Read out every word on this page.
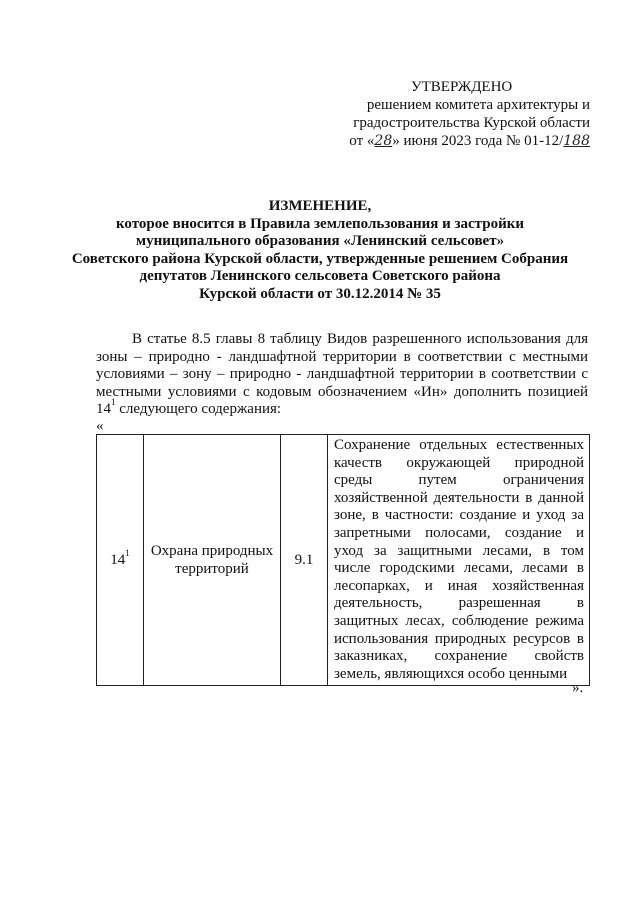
УТВЕРЖДЕНО
решением комитета архитектуры и
градостроительства Курской области
от «28» июня 2023 года № 01-12/188
ИЗМЕНЕНИЕ,
которое вносится в Правила землепользования и застройки
муниципального образования «Ленинский сельсовет»
Советского района Курской области, утвержденные решением Собрания
депутатов Ленинского сельсовета Советского района
Курской области от 30.12.2014 № 35
В статье 8.5 главы 8 таблицу Видов разрешенного использования для зоны – природно - ландшафтной территории в соответствии с местными условиями – зону – природно - ландшафтной территории в соответствии с местными условиями с кодовым обозначением «Ин» дополнить позицией $14^1$ следующего содержания:
«
$14^1$	Охрана природных территорий	9.1	Сохранение отдельных естественных качеств окружающей природной среды путем ограничения хозяйственной деятельности в данной зоне, в частности: создание и уход за запретными полосами, создание и уход за защитными лесами, в том числе городскими лесами, лесами в лесопарках, и иная хозяйственная деятельность, разрешенная в защитных лесах, соблюдение режима использования природных ресурсов в заказниках, сохранение свойств земель, являющихся особо ценными
».
